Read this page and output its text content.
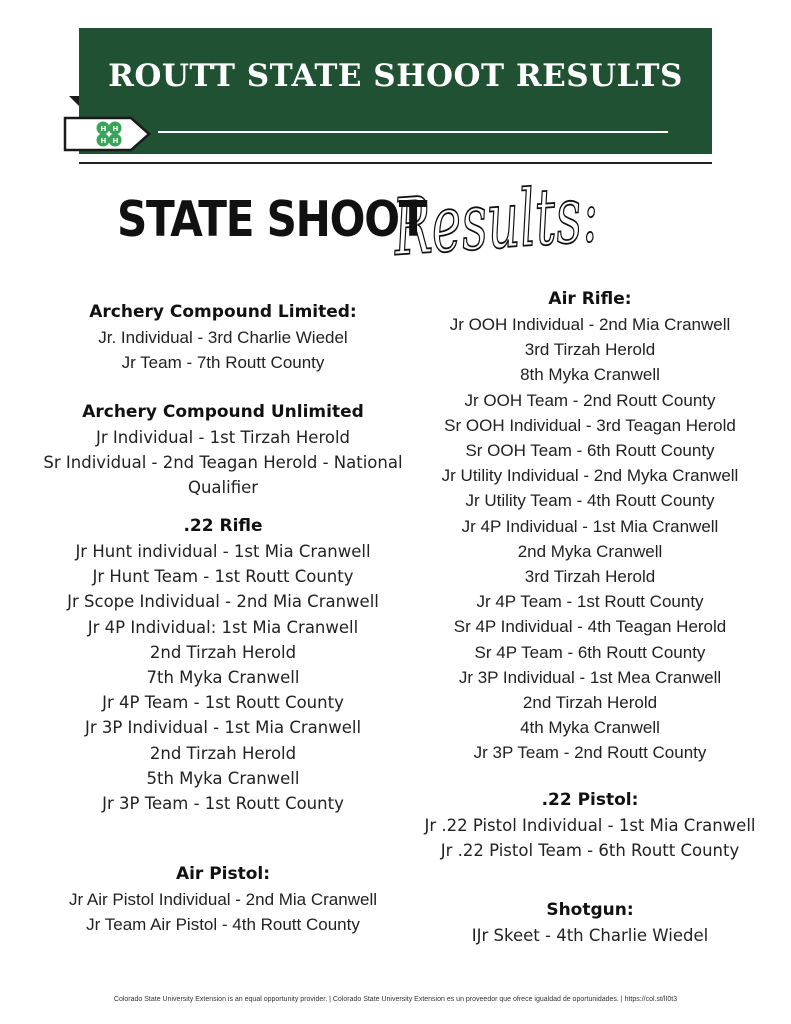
ROUTT STATE SHOOT RESULTS
H H
H H
STATE SHOOT
Results:
Archery Compound Limited:
Jr. Individual - 3rd Charlie Wiedel
Jr Team - 7th Routt County
Archery Compound Unlimited
Jr Individual - 1st Tirzah Herold
Sr Individual - 2nd Teagan Herold - National
Qualifier
.22 Rifle
Jr Hunt individual - 1st Mia Cranwell
Jr Hunt Team - 1st Routt County
Jr Scope Individual - 2nd Mia Cranwell
Jr 4P Individual: 1st Mia Cranwell
2nd Tirzah Herold
7th Myka Cranwell
Jr 4P Team - 1st Routt County
Jr 3P Individual - 1st Mia Cranwell
2nd Tirzah Herold
5th Myka Cranwell
Jr 3P Team - 1st Routt County
Air Pistol:
Jr Air Pistol Individual - 2nd Mia Cranwell
Jr Team Air Pistol - 4th Routt County
Air Rifle:
Jr OOH Individual - 2nd Mia Cranwell
3rd Tirzah Herold
8th Myka Cranwell
Jr OOH Team - 2nd Routt County
Sr OOH Individual - 3rd Teagan Herold
Sr OOH Team - 6th Routt County
Jr Utility Individual - 2nd Myka Cranwell
Jr Utility Team - 4th Routt County
Jr 4P Individual - 1st Mia Cranwell
2nd Myka Cranwell
3rd Tirzah Herold
Jr 4P Team - 1st Routt County
Sr 4P Individual - 4th Teagan Herold
Sr 4P Team - 6th Routt County
Jr 3P Individual - 1st Mea Cranwell
2nd Tirzah Herold
4th Myka Cranwell
Jr 3P Team - 2nd Routt County
.22 Pistol:
Jr .22 Pistol Individual - 1st Mia Cranwell
Jr .22 Pistol Team - 6th Routt County
Shotgun:
IJr Skeet - 4th Charlie Wiedel
Colorado State University Extension is an equal opportunity provider. | Colorado State University Extension es un proveedor que ofrece igualdad de oportunidades. | https://col.st/lI0t3
